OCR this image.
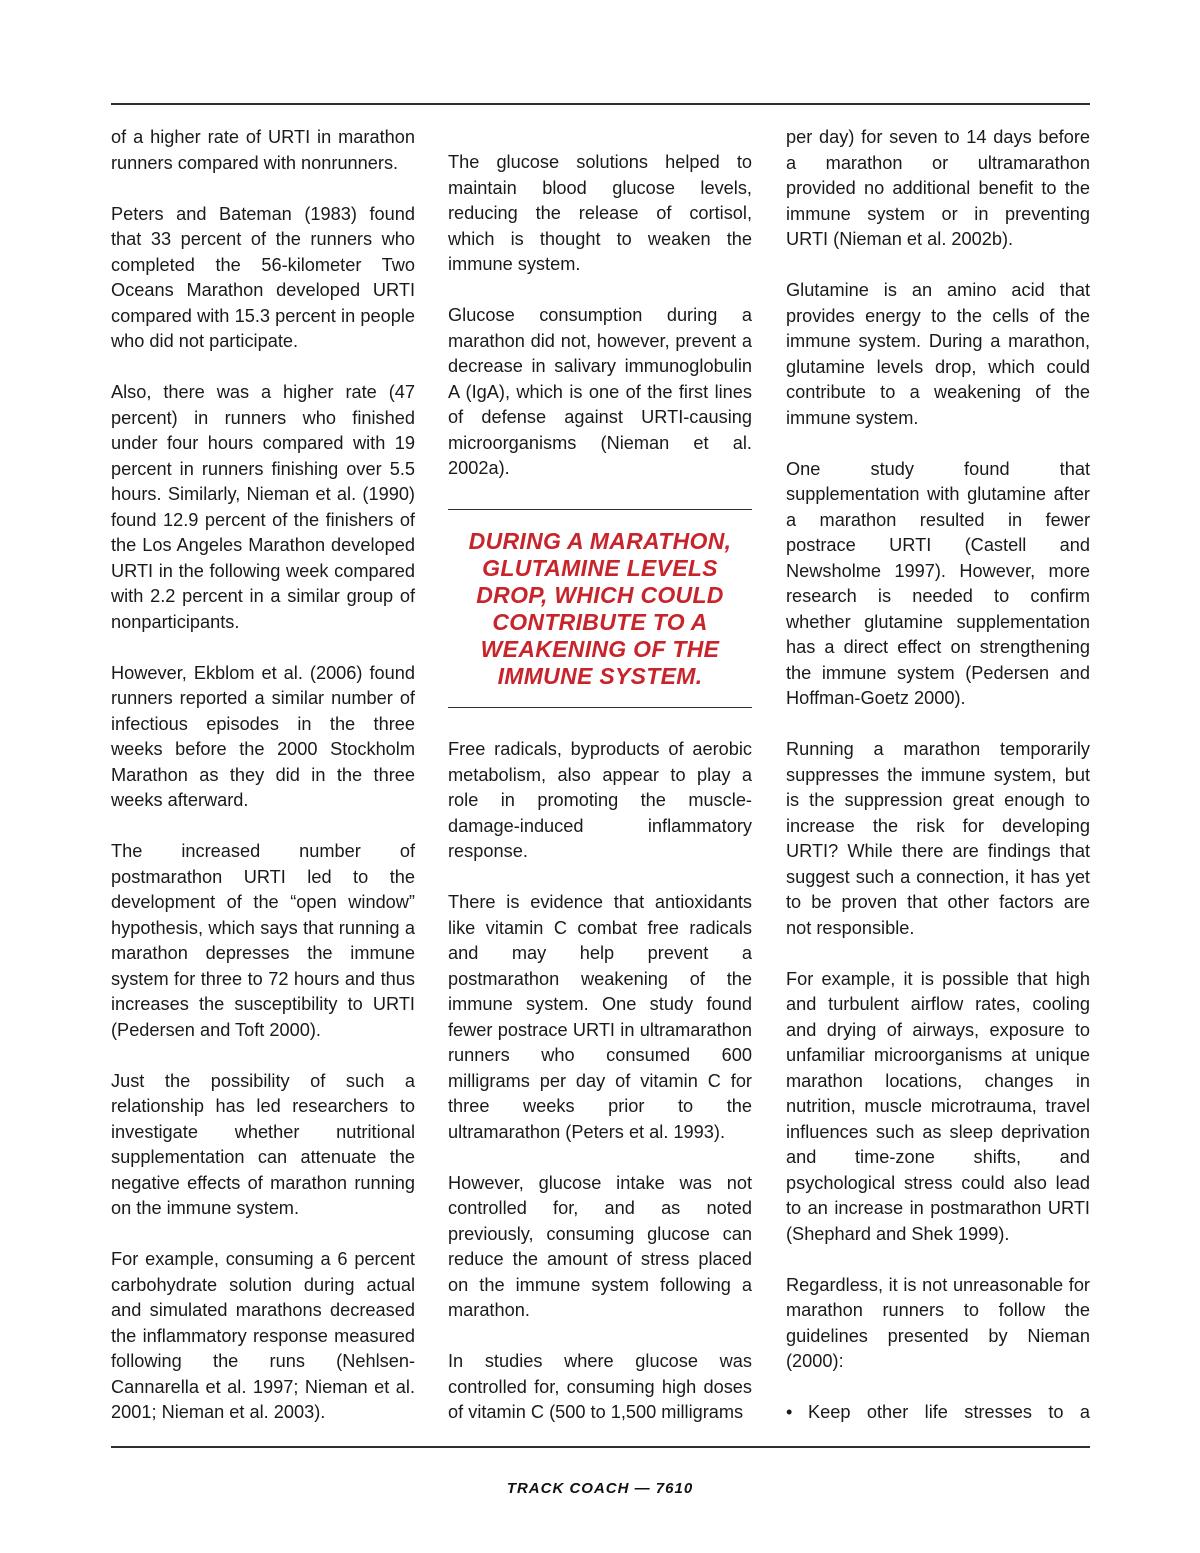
of a higher rate of URTI in marathon runners compared with nonrunners.

Peters and Bateman (1983) found that 33 percent of the runners who completed the 56-kilometer Two Oceans Marathon developed URTI compared with 15.3 percent in people who did not participate.

Also, there was a higher rate (47 percent) in runners who finished under four hours compared with 19 percent in runners finishing over 5.5 hours. Similarly, Nieman et al. (1990) found 12.9 percent of the finishers of the Los Angeles Marathon developed URTI in the following week compared with 2.2 percent in a similar group of nonparticipants.

However, Ekblom et al. (2006) found runners reported a similar number of infectious episodes in the three weeks before the 2000 Stockholm Marathon as they did in the three weeks afterward.

The increased number of postmarathon URTI led to the development of the “open window” hypothesis, which says that running a marathon depresses the immune system for three to 72 hours and thus increases the susceptibility to URTI (Pedersen and Toft 2000).

Just the possibility of such a relationship has led researchers to investigate whether nutritional supplementation can attenuate the negative effects of marathon running on the immune system.

For example, consuming a 6 percent carbohydrate solution during actual and simulated marathons decreased the inflammatory response measured following the runs (Nehlsen-Cannarella et al. 1997; Nieman et al. 2001; Nieman et al. 2003).

The glucose solutions helped to maintain blood glucose levels, reducing the release of cortisol, which is thought to weaken the immune system.

Glucose consumption during a marathon did not, however, prevent a decrease in salivary immunoglobulin A (IgA), which is one of the first lines of defense against URTI-causing microorganisms (Nieman et al. 2002a).

DURING A MARATHON, GLUTAMINE LEVELS DROP, WHICH COULD CONTRIBUTE TO A WEAKENING OF THE IMMUNE SYSTEM.

Free radicals, byproducts of aerobic metabolism, also appear to play a role in promoting the muscle-damage-induced inflammatory response.

There is evidence that antioxidants like vitamin C combat free radicals and may help prevent a postmarathon weakening of the immune system. One study found fewer postrace URTI in ultramarathon runners who consumed 600 milligrams per day of vitamin C for three weeks prior to the ultramarathon (Peters et al. 1993).

However, glucose intake was not controlled for, and as noted previously, consuming glucose can reduce the amount of stress placed on the immune system following a marathon.

In studies where glucose was controlled for, consuming high doses of vitamin C (500 to 1,500 milligrams

per day) for seven to 14 days before a marathon or ultramarathon provided no additional benefit to the immune system or in preventing URTI (Nieman et al. 2002b).

Glutamine is an amino acid that provides energy to the cells of the immune system. During a marathon, glutamine levels drop, which could contribute to a weakening of the immune system.

One study found that supplementation with glutamine after a marathon resulted in fewer postrace URTI (Castell and Newsholme 1997). However, more research is needed to confirm whether glutamine supplementation has a direct effect on strengthening the immune system (Pedersen and Hoffman-Goetz 2000).

Running a marathon temporarily suppresses the immune system, but is the suppression great enough to increase the risk for developing URTI? While there are findings that suggest such a connection, it has yet to be proven that other factors are not responsible.

For example, it is possible that high and turbulent airflow rates, cooling and drying of airways, exposure to unfamiliar microorganisms at unique marathon locations, changes in nutrition, muscle microtrauma, travel influences such as sleep deprivation and time-zone shifts, and psychological stress could also lead to an increase in postmarathon URTI (Shephard and Shek 1999).

Regardless, it is not unreasonable for marathon runners to follow the guidelines presented by Nieman (2000):

• Keep other life stresses to a
TRACK COACH — 7610
